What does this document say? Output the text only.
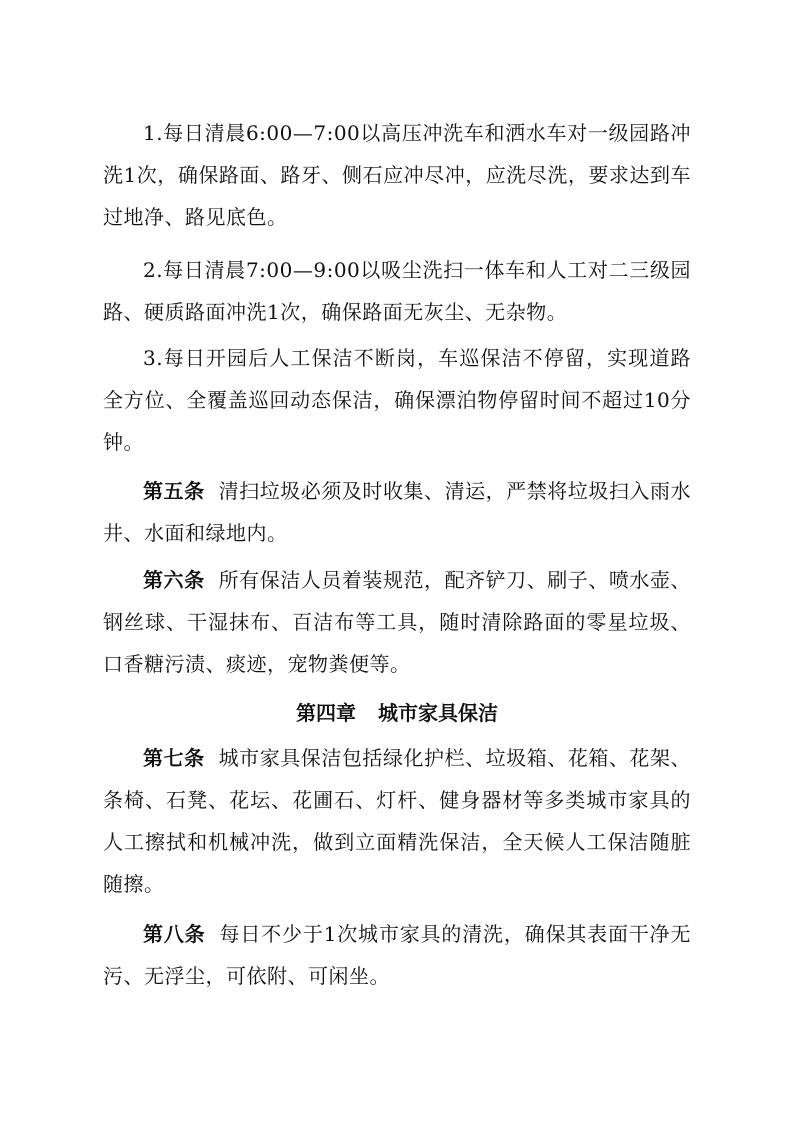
1.每日清晨6:00—7:00以高压冲洗车和洒水车对一级园路冲洗1次，确保路面、路牙、侧石应冲尽冲，应洗尽洗，要求达到车过地净、路见底色。

2.每日清晨7:00—9:00以吸尘洗扫一体车和人工对二三级园路、硬质路面冲洗1次，确保路面无灰尘、无杂物。

3.每日开园后人工保洁不断岗，车巡保洁不停留，实现道路全方位、全覆盖巡回动态保洁，确保漂泊物停留时间不超过10分钟。

第五条 清扫垃圾必须及时收集、清运，严禁将垃圾扫入雨水井、水面和绿地内。

第六条 所有保洁人员着装规范，配齐铲刀、刷子、喷水壶、钢丝球、干湿抹布、百洁布等工具，随时清除路面的零星垃圾、口香糖污渍、痰迹，宠物粪便等。

第四章 城市家具保洁

第七条 城市家具保洁包括绿化护栏、垃圾箱、花箱、花架、条椅、石凳、花坛、花圃石、灯杆、健身器材等多类城市家具的人工擦拭和机械冲洗，做到立面精洗保洁，全天候人工保洁随脏随擦。

第八条 每日不少于1次城市家具的清洗，确保其表面干净无污、无浮尘，可依附、可闲坐。
